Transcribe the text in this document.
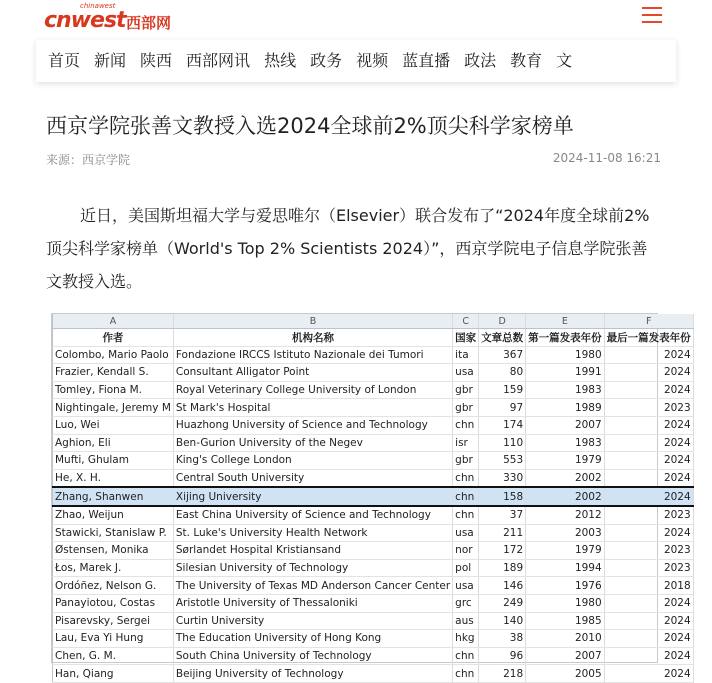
chinawest
cnwest 西部网
首页 新闻 陕西 西部网讯 热线 政务 视频 蓝直播 政法 教育 文
西京学院张善文教授入选2024全球前2%顶尖科学家榜单
来源：西京学院	2024-11-08 16:21

近日，美国斯坦福大学与爱思唯尔（Elsevier）联合发布了“2024年度全球前2%顶尖科学家榜单（World's Top 2% Scientists 2024）”，西京学院电子信息学院张善文教授入选。

	A	B	C	D	E	F
	作者	机构名称	国家	文章总数	第一篇发表年份	最后一篇发表年份
	Colombo, Mario Paolo	Fondazione IRCCS Istituto Nazionale dei Tumori	ita	367	1980	2024
	Frazier, Kendall S.	Consultant Alligator Point	usa	80	1991	2024
	Tomley, Fiona M.	Royal Veterinary College University of London	gbr	159	1983	2024
	Nightingale, Jeremy M	St Mark's Hospital	gbr	97	1989	2023
	Luo, Wei	Huazhong University of Science and Technology	chn	174	2007	2024
	Aghion, Eli	Ben-Gurion University of the Negev	isr	110	1983	2024
	Mufti, Ghulam	King's College London	gbr	553	1979	2024
	He, X. H.	Central South University	chn	330	2002	2024
	Zhang, Shanwen	Xijing University	chn	158	2002	2024
	Zhao, Weijun	East China University of Science and Technology	chn	37	2012	2023
	Stawicki, Stanislaw P.	St. Luke's University Health Network	usa	211	2003	2024
	Østensen, Monika	Sørlandet Hospital Kristiansand	nor	172	1979	2023
	Łos, Marek J.	Silesian University of Technology	pol	189	1994	2023
	Ordóñez, Nelson G.	The University of Texas MD Anderson Cancer Center	usa	146	1976	2018
	Panayiotou, Costas	Aristotle University of Thessaloniki	grc	249	1980	2024
	Pisarevsky, Sergei	Curtin University	aus	140	1985	2024
	Lau, Eva Yi Hung	The Education University of Hong Kong	hkg	38	2010	2024
	Chen, G. M.	South China University of Technology	chn	96	2007	2024
	Han, Qiang	Beijing University of Technology	chn	218	2005	2024
